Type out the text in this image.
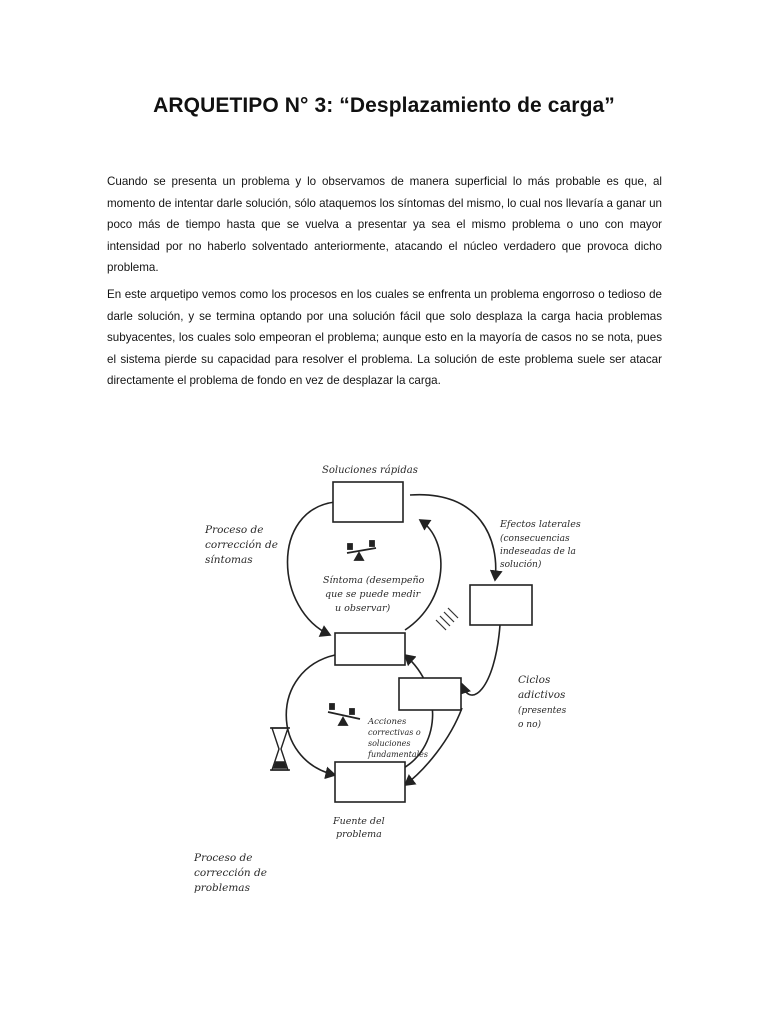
ARQUETIPO N° 3: “Desplazamiento de carga”

Cuando se presenta un problema y lo observamos de manera superficial lo más probable es que, al momento de intentar darle solución, sólo ataquemos los síntomas del mismo, lo cual nos llevaría a ganar un poco más de tiempo hasta que se vuelva a presentar ya sea el mismo problema o uno con mayor intensidad por no haberlo solventado anteriormente, atacando el núcleo verdadero que provoca dicho problema.

En este arquetipo vemos como los procesos en los cuales se enfrenta un problema engorroso o tedioso de darle solución, y se termina optando por una solución fácil que solo desplaza la carga hacia problemas subyacentes, los cuales solo empeoran el problema; aunque esto en la mayoría de casos no se nota, pues el sistema pierde su capacidad para resolver el problema. La solución de este problema suele ser atacar directamente el problema de fondo en vez de desplazar la carga.

Soluciones rápidas
Proceso de
corrección de
síntomas
Efectos laterales
(consecuencias
indeseadas de la
solución)
Síntoma (desempeño
que se puede medir
u observar)
Ciclos
adictivos
(presentes
o no)
Acciones
correctivas o
soluciones
fundamentales
Fuente del
problema
Proceso de
corrección de
problemas
